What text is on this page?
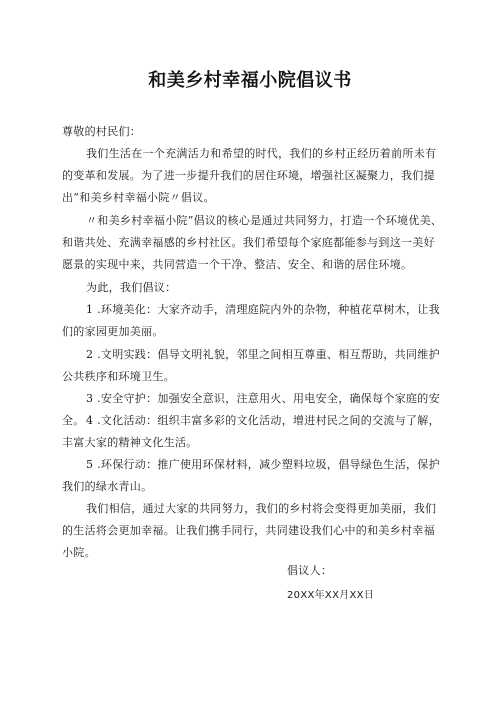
和美乡村幸福小院倡议书

尊敬的村民们：

我们生活在一个充满活力和希望的时代，我们的乡村正经历着前所未有的变革和发展。为了进一步提升我们的居住环境，增强社区凝聚力，我们提出“和美乡村幸福小院〃倡议。

〃和美乡村幸福小院”倡议的核心是通过共同努力，打造一个环境优美、和谐共处、充满幸福感的乡村社区。我们希望每个家庭都能参与到这一美好愿景的实现中来，共同营造一个干净、整洁、安全、和谐的居住环境。

为此，我们倡议：

1 .环境美化：大家齐动手，清理庭院内外的杂物，种植花草树木，让我们的家园更加美丽。

2 .文明实践：倡导文明礼貌，邻里之间相互尊重、相互帮助，共同维护公共秩序和环境卫生。

3 .安全守护：加强安全意识，注意用火、用电安全，确保每个家庭的安全。 4 .文化活动：组织丰富多彩的文化活动，增进村民之间的交流与了解，丰富大家的精神文化生活。

5 .环保行动：推广使用环保材料，减少塑料垃圾，倡导绿色生活，保护我们的绿水青山。

我们相信，通过大家的共同努力，我们的乡村将会变得更加美丽，我们的生活将会更加幸福。让我们携手同行，共同建设我们心中的和美乡村幸福小院。

倡议人：
20XX年XX月XX日
